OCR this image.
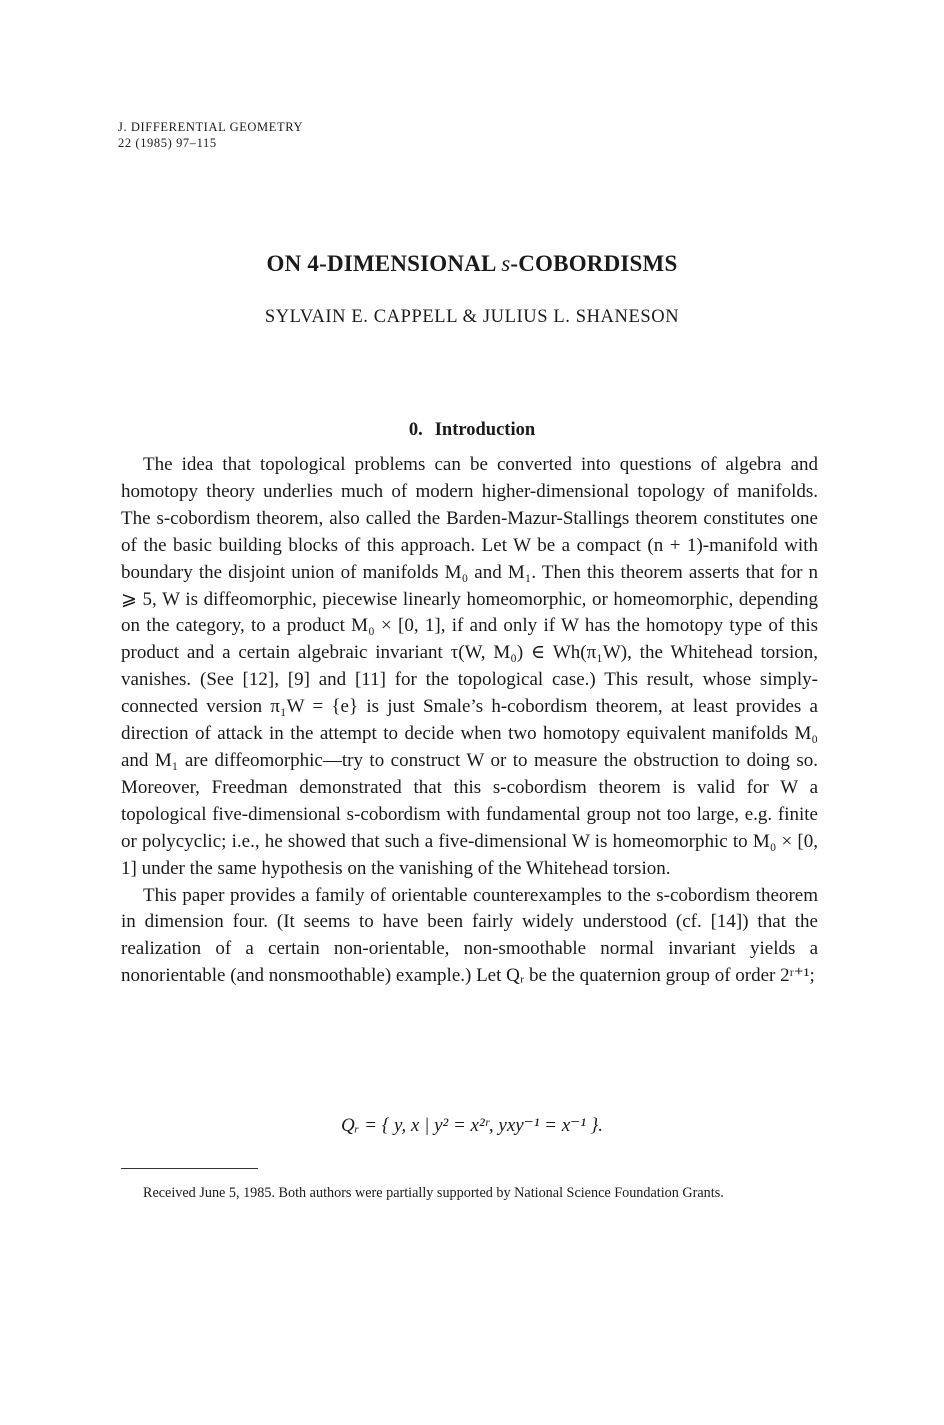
J. DIFFERENTIAL GEOMETRY
22 (1985) 97–115
ON 4-DIMENSIONAL s-COBORDISMS
SYLVAIN E. CAPPELL & JULIUS L. SHANESON
0. Introduction

The idea that topological problems can be converted into questions of algebra and homotopy theory underlies much of modern higher-dimensional topology of manifolds. The s-cobordism theorem, also called the Barden-Mazur-Stallings theorem constitutes one of the basic building blocks of this approach. Let W be a compact (n + 1)-manifold with boundary the disjoint union of manifolds M₀ and M₁. Then this theorem asserts that for n ⩾ 5, W is diffeomorphic, piecewise linearly homeomorphic, or homeomorphic, depending on the category, to a product M₀ × [0, 1], if and only if W has the homotopy type of this product and a certain algebraic invariant τ(W, M₀) ∈ Wh(π₁W), the Whitehead torsion, vanishes. (See [12], [9] and [11] for the topological case.) This result, whose simply-connected version π₁W = {e} is just Smale’s h-cobordism theorem, at least provides a direction of attack in the attempt to decide when two homotopy equivalent manifolds M₀ and M₁ are diffeomorphic—try to construct W or to measure the obstruction to doing so. Moreover, Freedman demonstrated that this s-cobordism theorem is valid for W a topological five-dimensional s-cobordism with fundamental group not too large, e.g. finite or polycyclic; i.e., he showed that such a five-dimensional W is homeomorphic to M₀ × [0, 1] under the same hypothesis on the vanishing of the Whitehead torsion.

This paper provides a family of orientable counterexamples to the s-cobordism theorem in dimension four. (It seems to have been fairly widely understood (cf. [14]) that the realization of a certain non-orientable, non-smoothable normal invariant yields a nonorientable (and nonsmoothable) example.) Let Qᵣ be the quaternion group of order 2ʳ⁺¹;

Qᵣ = { y, x | y² = x²ʳ, yxy⁻¹ = x⁻¹ }.
Received June 5, 1985. Both authors were partially supported by National Science Foundation Grants.
